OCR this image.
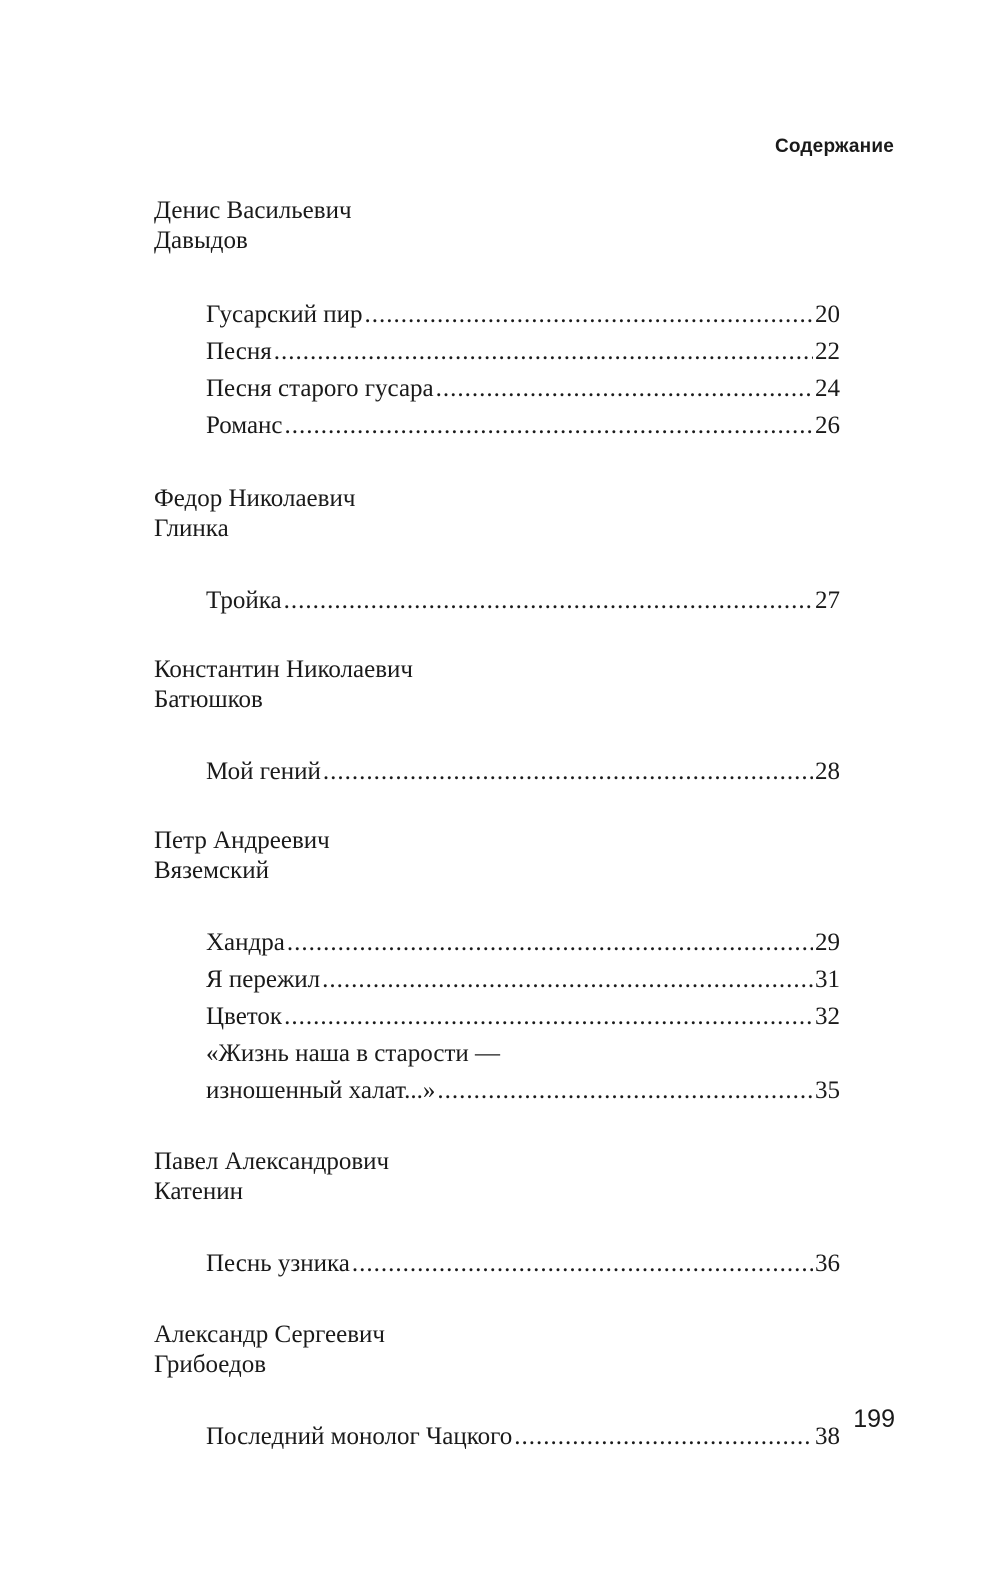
Содержание

Денис Васильевич

Давыдов

Гусарский пир .....	20
Песня .....	22
Песня старого гусара .....	24
Романс .....	26

Федор Николаевич

Глинка

Тройка .....	27

Константин Николаевич

Батюшков

Мой гений .....	28

Петр Андреевич

Вяземский

Хандра .....	29
Я пережил .....	31
Цветок .....	32
«Жизнь наша в старости —
изношенный халат...» .....	35

Павел Александрович

Катенин

Песнь узника .....	36

Александр Сергеевич

Грибоедов

Последний монолог Чацкого .....	38
199
